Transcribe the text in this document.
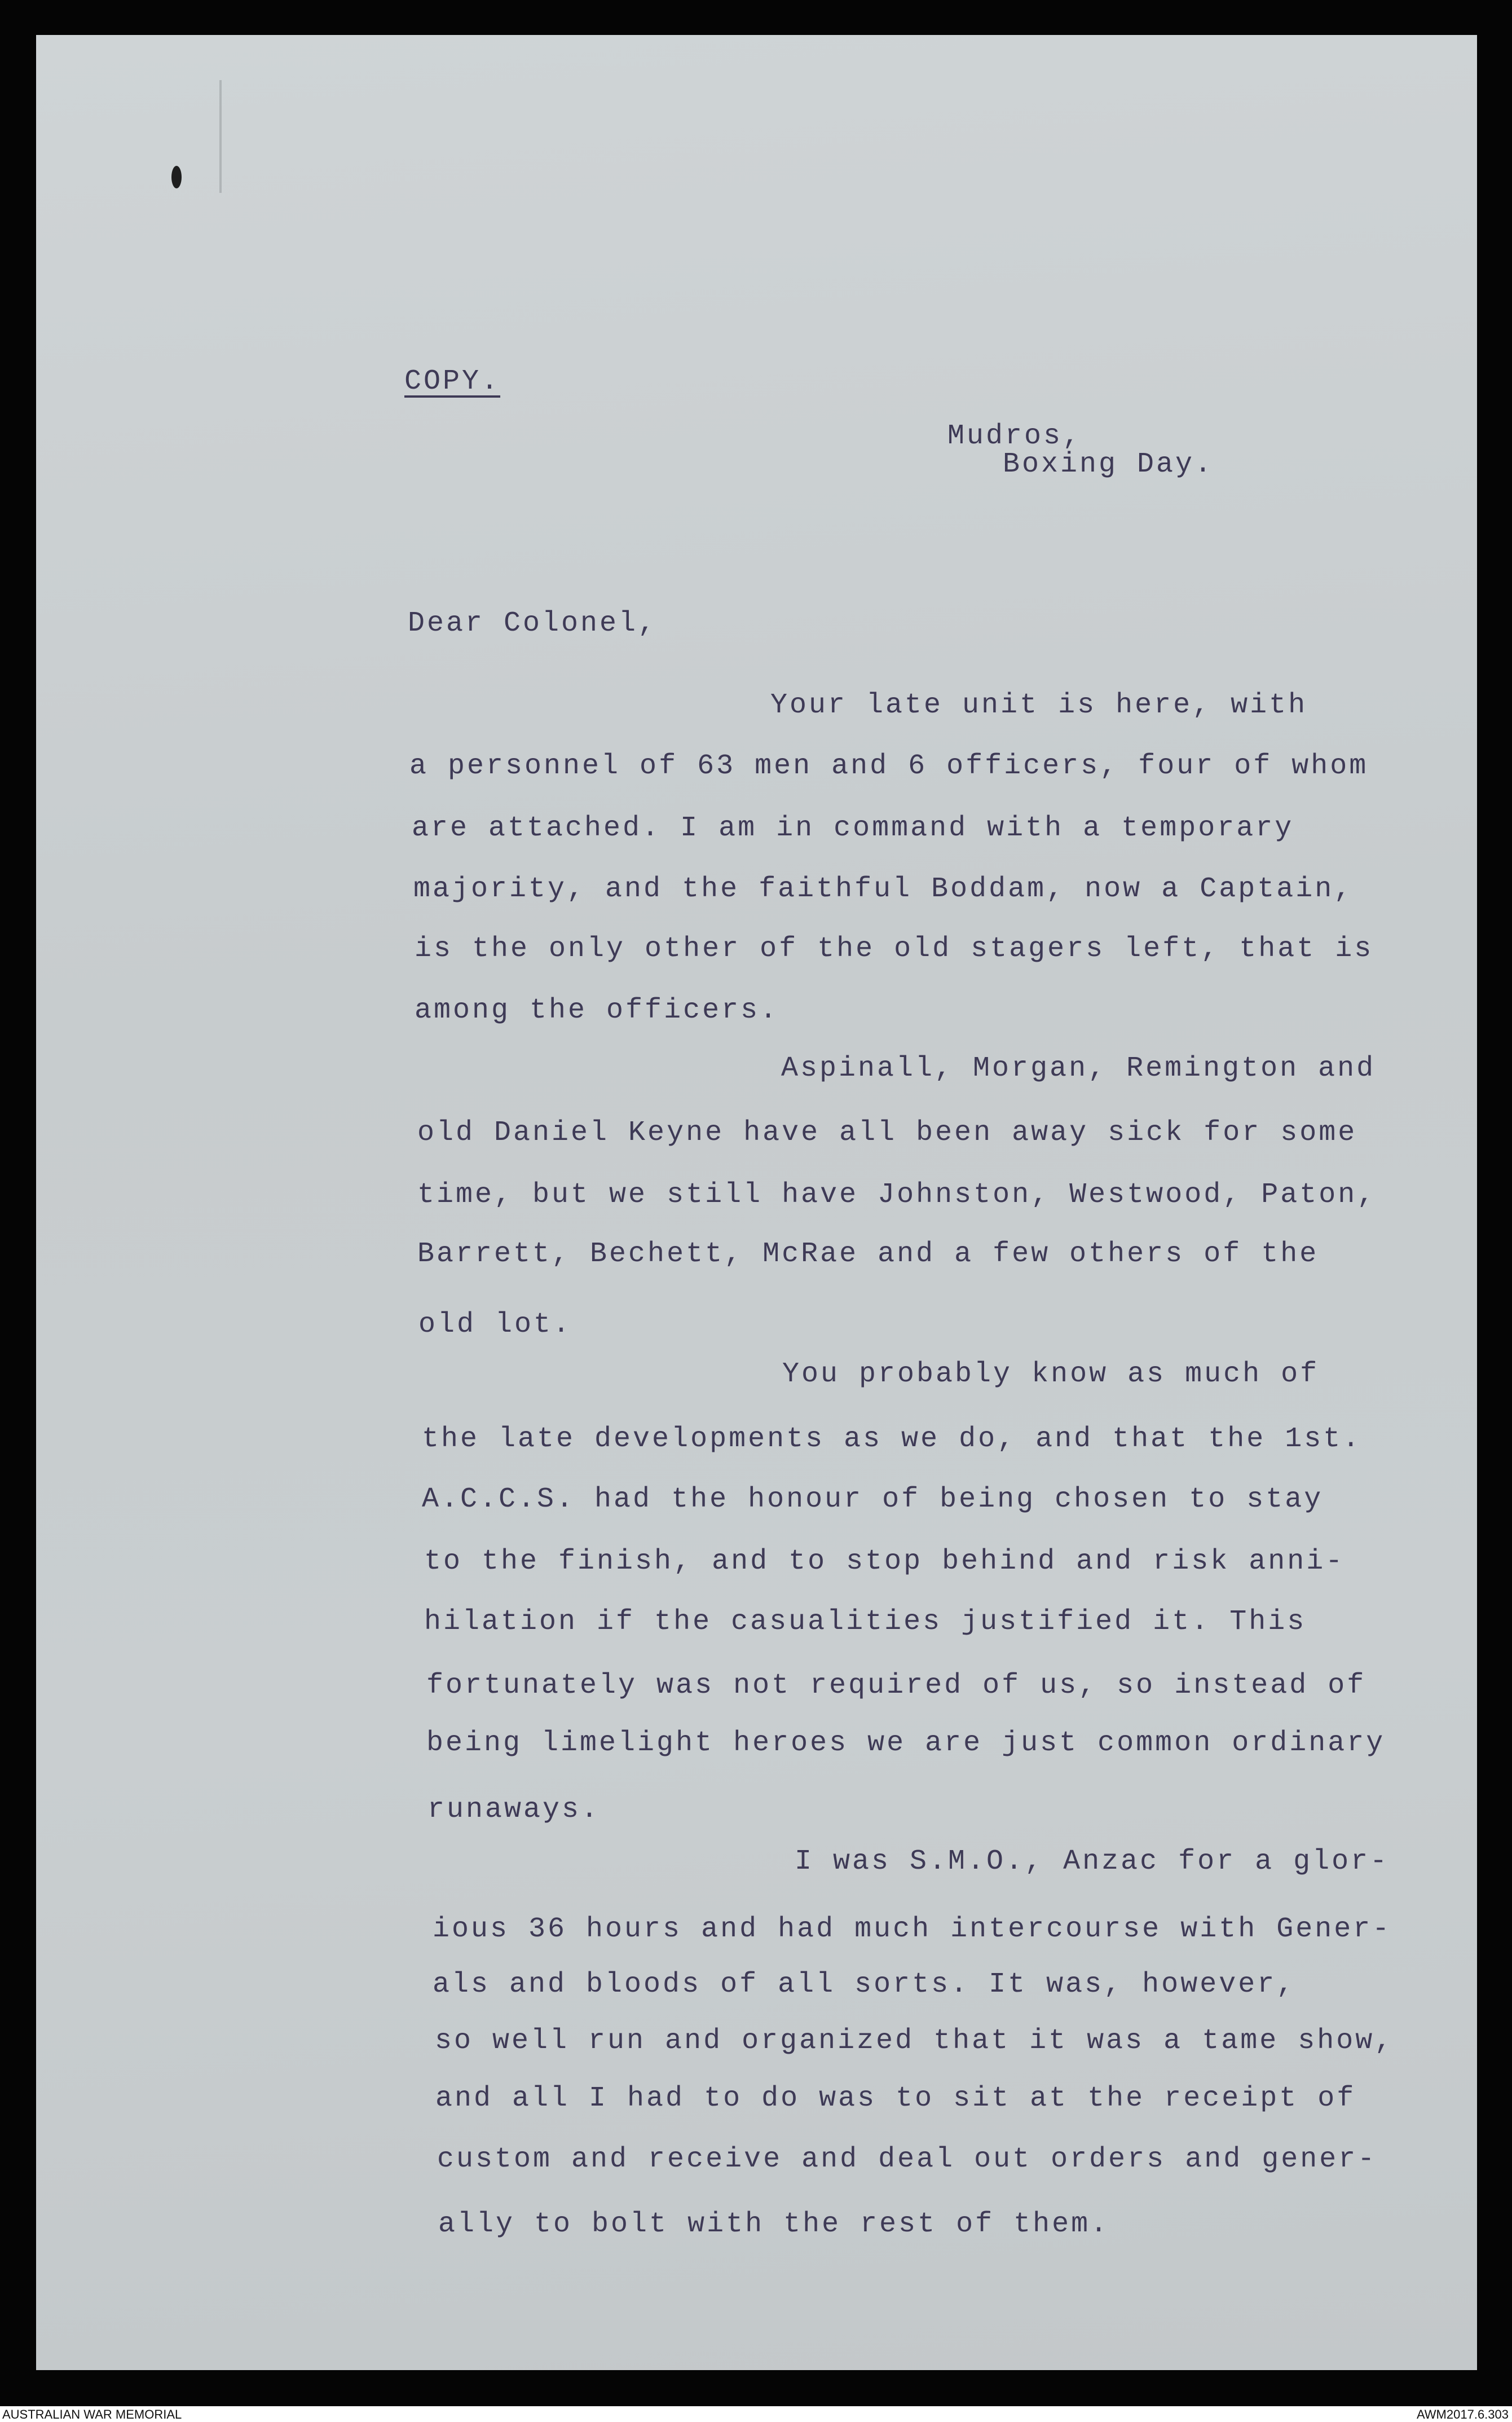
COPY.
Mudros,
Boxing Day.
Dear Colonel,
Your late unit is here, with
a personnel of 63 men and 6 officers, four of whom
are attached. I am in command with a temporary
majority, and the faithful Boddam, now a Captain,
is the only other of the old stagers left, that is
among the officers.
Aspinall, Morgan, Remington and
old Daniel Keyne have all been away sick for some
time, but we still have Johnston, Westwood, Paton,
Barrett, Bechett, McRae and a few others of the
old lot.
You probably know as much of
the late developments as we do, and that the 1st.
A.C.C.S. had the honour of being chosen to stay
to the finish, and to stop behind and risk anni-
hilation if the casualities justified it. This
fortunately was not required of us, so instead of
being limelight heroes we are just common ordinary
runaways.
I was S.M.O., Anzac for a glor-
ious 36 hours and had much intercourse with Gener-
als and bloods of all sorts. It was, however,
so well run and organized that it was a tame show,
and all I had to do was to sit at the receipt of
custom and receive and deal out orders and gener-
ally to bolt with the rest of them.
AUSTRALIAN WAR MEMORIAL	AWM2017.6.303
